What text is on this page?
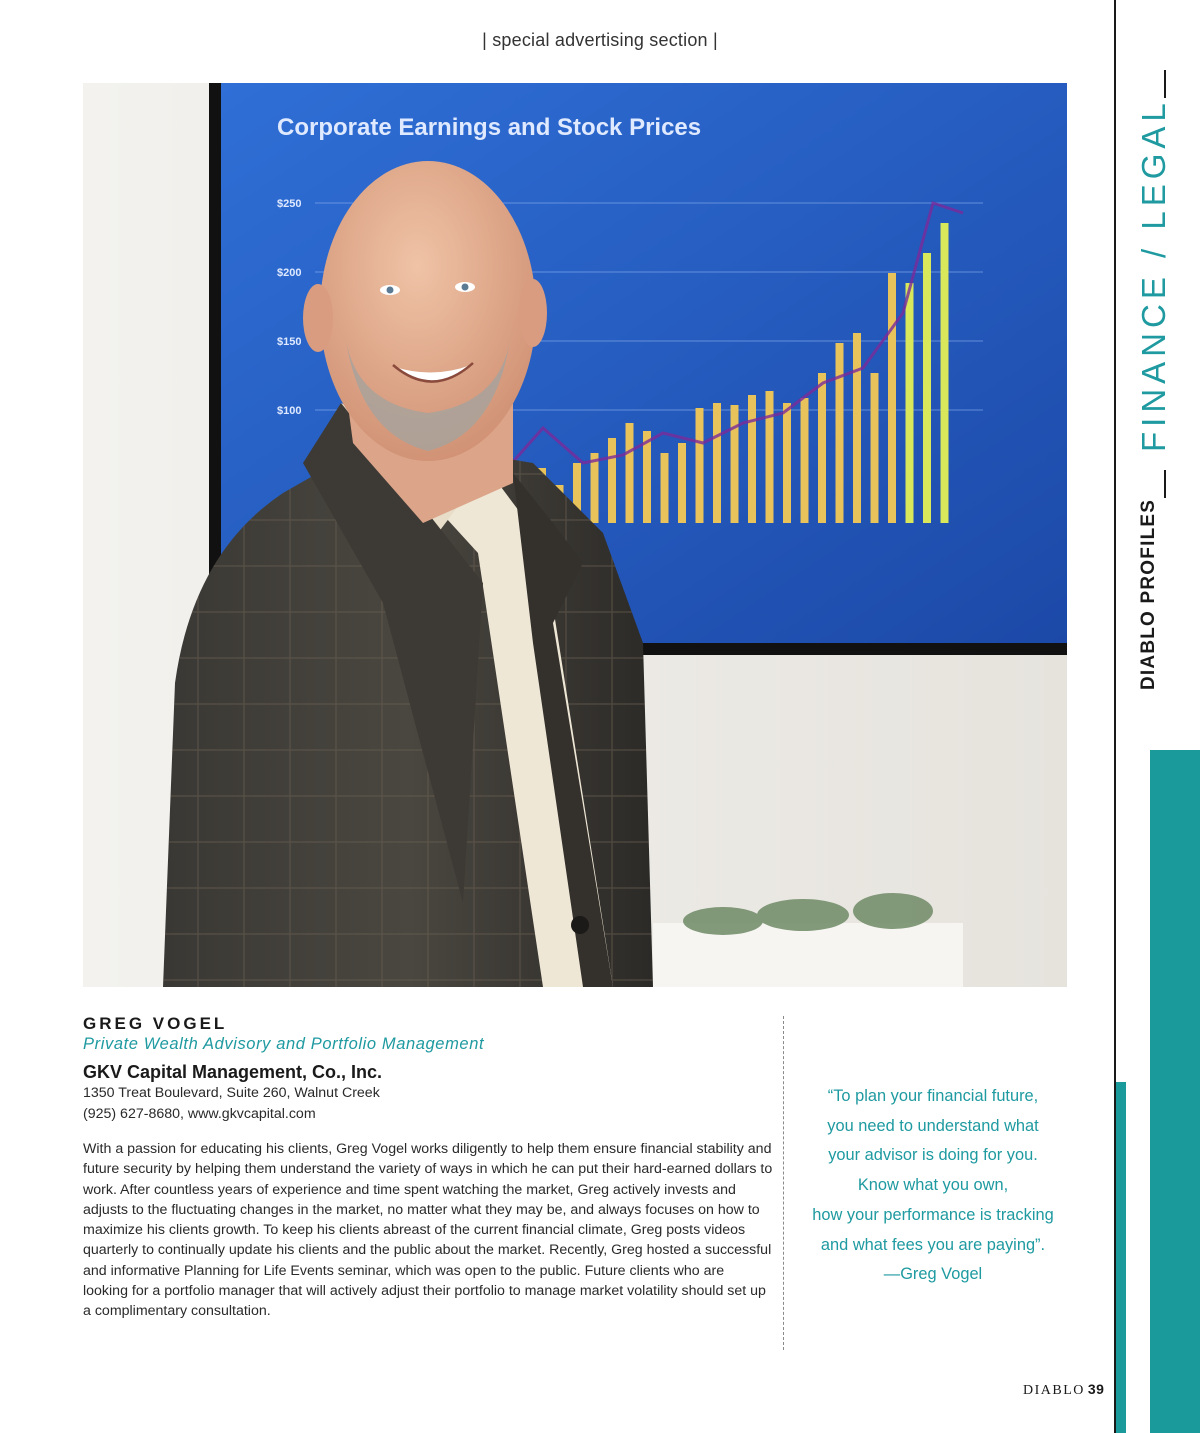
| special advertising section |
Corporate Earnings and Stock Prices
$250
$200
$150
$100
GREG VOGEL
Private Wealth Advisory and Portfolio Management
GKV Capital Management, Co., Inc.
1350 Treat Boulevard, Suite 260, Walnut Creek
(925) 627-8680, www.gkvcapital.com
With a passion for educating his clients, Greg Vogel works diligently to help them ensure financial stability and future security by helping them understand the variety of ways in which he can put their hard-earned dollars to work. After countless years of experience and time spent watching the market, Greg actively invests and adjusts to the fluctuating changes in the market, no matter what they may be, and always focuses on how to maximize his clients growth. To keep his clients abreast of the current financial climate, Greg posts videos quarterly to continually update his clients and the public about the market. Recently, Greg hosted a successful and informative Planning for Life Events seminar, which was open to the public. Future clients who are looking for a portfolio manager that will actively adjust their portfolio to manage market volatility should set up a complimentary consultation.
“To plan your financial future,
you need to understand what
your advisor is doing for you.
Know what you own,
how your performance is tracking
and what fees you are paying”.
—Greg Vogel
FINANCE / LEGAL
DIABLO PROFILES
DIABLO 39
